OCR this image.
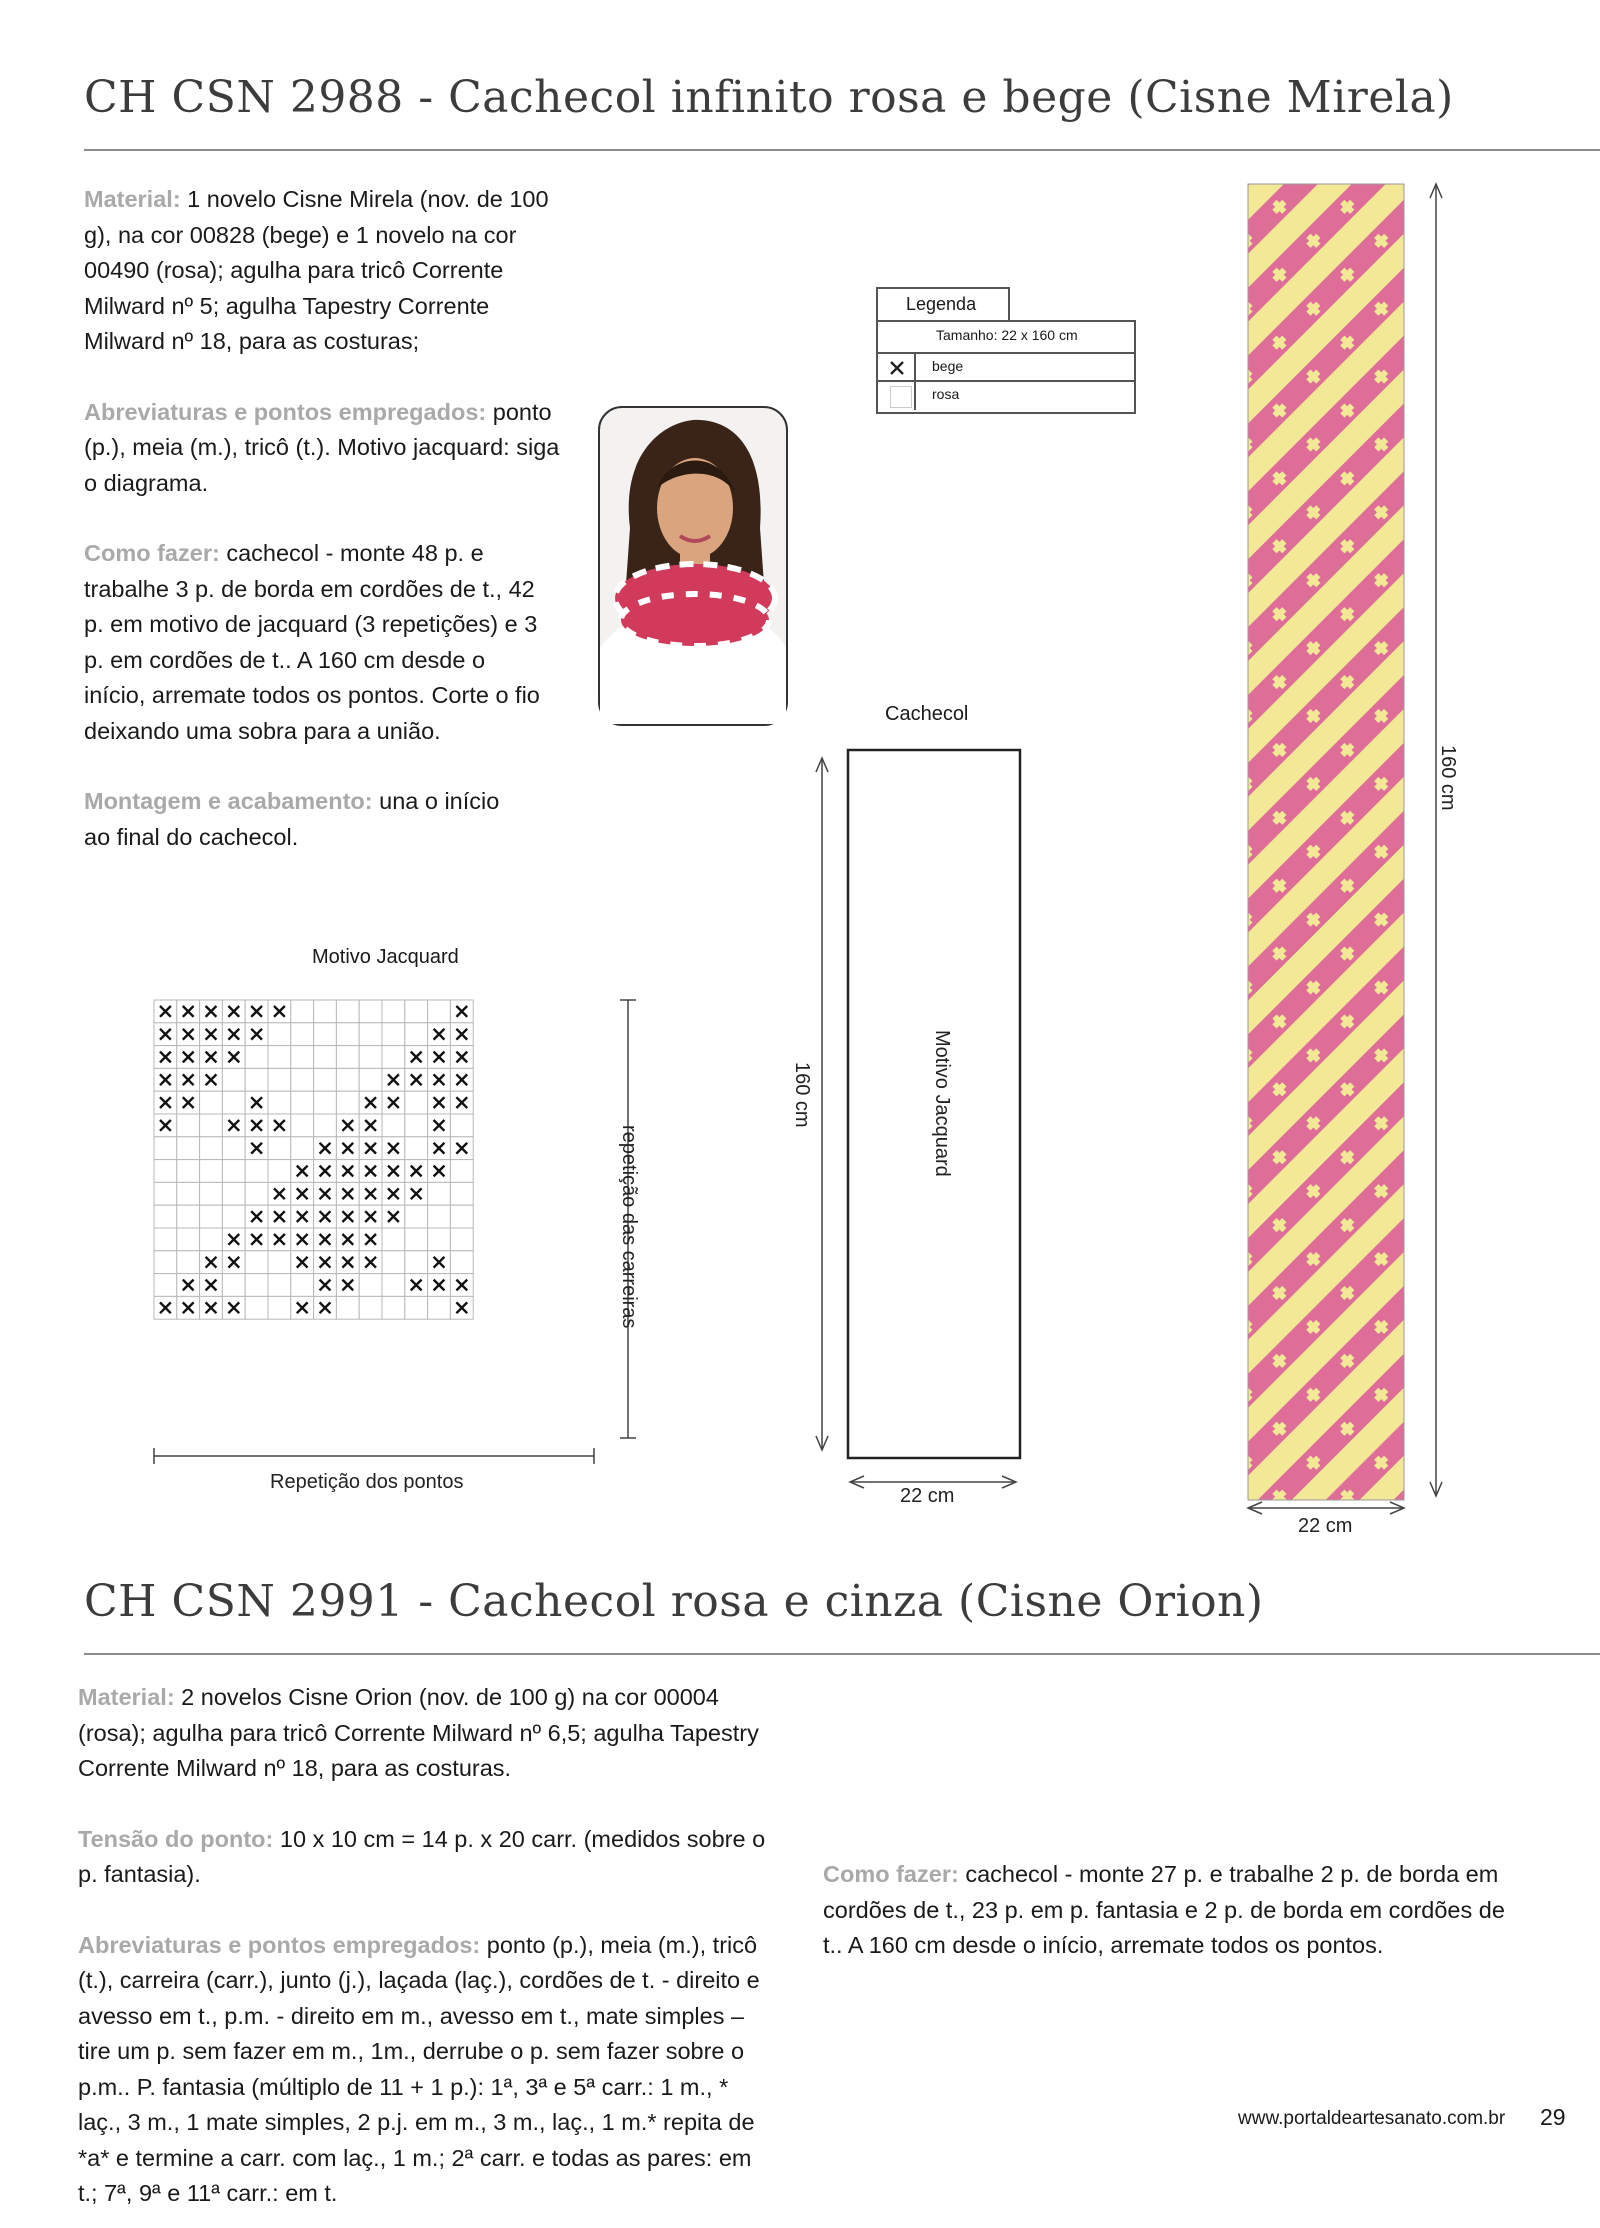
CH CSN 2988 - Cachecol infinito rosa e bege (Cisne Mirela)

Material: 1 novelo Cisne Mirela (nov. de 100 g), na cor 00828 (bege) e 1 novelo na cor 00490 (rosa); agulha para tricô Corrente Milward nº 5; agulha Tapestry Corrente Milward nº 18, para as costuras;

Abreviaturas e pontos empregados: ponto (p.), meia (m.), tricô (t.). Motivo jacquard: siga o diagrama.

Como fazer: cachecol - monte 48 p. e trabalhe 3 p. de borda em cordões de t., 42 p. em motivo de jacquard (3 repetições) e 3 p. em cordões de t.. A 160 cm desde o início, arremate todos os pontos. Corte o fio deixando uma sobra para a união.

Montagem e acabamento: una o início ao final do cachecol.

Legenda
Tamanho: 22 x 160 cm
bege
rosa
Motivo Jacquard
repetição das carreiras
Repetição dos pontos
Cachecol
160 cm	Motivo Jacquard
22 cm
160 cm
22 cm
CH CSN 2991 - Cachecol rosa e cinza (Cisne Orion)

Material: 2 novelos Cisne Orion (nov. de 100 g) na cor 00004 (rosa); agulha para tricô Corrente Milward nº 6,5; agulha Tapestry Corrente Milward nº 18, para as costuras.

Tensão do ponto: 10 x 10 cm = 14 p. x 20 carr. (medidos sobre o p. fantasia).

Abreviaturas e pontos empregados: ponto (p.), meia (m.), tricô (t.), carreira (carr.), junto (j.), laçada (laç.), cordões de t. - direito e avesso em t., p.m. - direito em m., avesso em t., mate simples – tire um p. sem fazer em m., 1m., derrube o p. sem fazer sobre o p.m.. P. fantasia (múltiplo de 11 + 1 p.): 1ª, 3ª e 5ª carr.: 1 m., * laç., 3 m., 1 mate simples, 2 p.j. em m., 3 m., laç., 1 m.* repita de *a* e termine a carr. com laç., 1 m.; 2ª carr. e todas as pares: em t.; 7ª, 9ª e 11ª carr.: em t.

Como fazer: cachecol - monte 27 p. e trabalhe 2 p. de borda em cordões de t., 23 p. em p. fantasia e 2 p. de borda em cordões de t.. A 160 cm desde o início, arremate todos os pontos.

www.portaldeartesanato.com.br 29
